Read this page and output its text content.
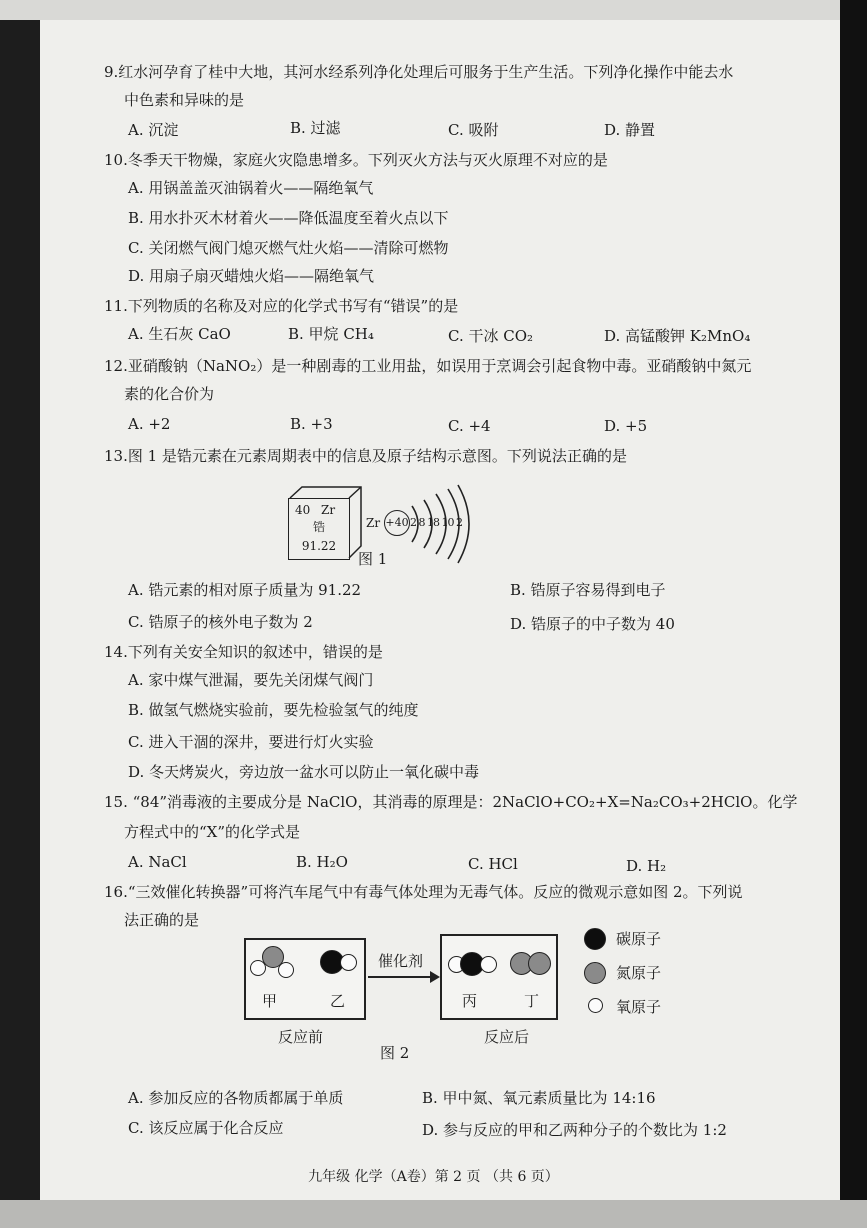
9.红水河孕育了桂中大地，其河水经系列净化处理后可服务于生产生活。下列净化操作中能去水
中色素和异味的是
A. 沉淀	B. 过滤	C. 吸附	D. 静置
10.冬季天干物燥，家庭火灾隐患增多。下列灭火方法与灭火原理不对应的是
A. 用锅盖盖灭油锅着火——隔绝氧气
B. 用水扑灭木材着火——降低温度至着火点以下
C. 关闭燃气阀门熄灭燃气灶火焰——清除可燃物
D. 用扇子扇灭蜡烛火焰——隔绝氧气
11.下列物质的名称及对应的化学式书写有“错误”的是
A. 生石灰 CaO	B. 甲烷 CH₄	C. 干冰 CO₂	D. 高锰酸钾 K₂MnO₄
12.亚硝酸钠（NaNO₂）是一种剧毒的工业用盐，如误用于烹调会引起食物中毒。亚硝酸钠中氮元
素的化合价为
A. +2	B. +3	C. +4	D. +5
13.图 1 是锆元素在元素周期表中的信息及原子结构示意图。下列说法正确的是
40 Zr
锆
91.22
Zr +40 2 8 18 10 2
图 1
A. 锆元素的相对原子质量为 91.22	B. 锆原子容易得到电子
C. 锆原子的核外电子数为 2	D. 锆原子的中子数为 40
14.下列有关安全知识的叙述中，错误的是
A. 家中煤气泄漏，要先关闭煤气阀门
B. 做氢气燃烧实验前，要先检验氢气的纯度
C. 进入干涸的深井，要进行灯火实验
D. 冬天烤炭火，旁边放一盆水可以防止一氧化碳中毒
15. “84”消毒液的主要成分是 NaClO，其消毒的原理是：2NaClO+CO₂+X=Na₂CO₃+2HClO。化学
方程式中的“X”的化学式是
A. NaCl	B. H₂O	C. HCl	D. H₂
16.“三效催化转换器”可将汽车尾气中有毒气体处理为无毒气体。反应的微观示意如图 2。下列说
法正确的是
甲	乙
催化剂
丙	丁
反应前	反应后
图 2
碳原子
氮原子
氧原子
A. 参加反应的各物质都属于单质	B. 甲中氮、氧元素质量比为 14:16
C. 该反应属于化合反应	D. 参与反应的甲和乙两种分子的个数比为 1:2
九年级 化学（A卷）第 2 页 （共 6 页）
